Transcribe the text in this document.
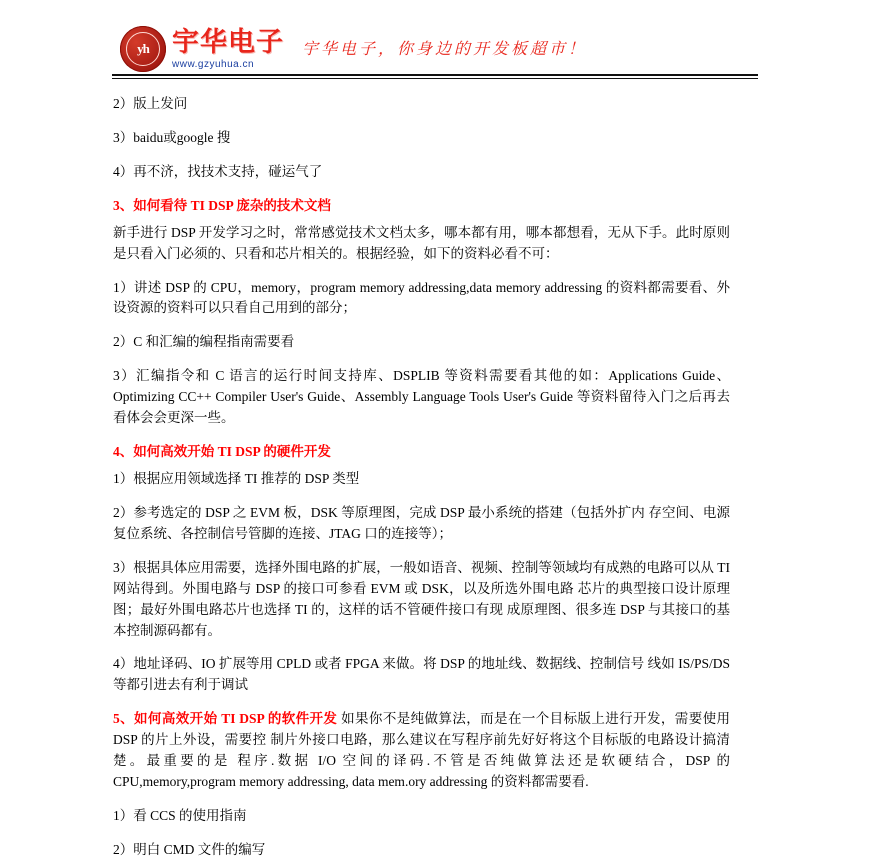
yh 宇华电子
www.gzyuhua.cn
宇华电子，你身边的开发板超市！

2）版上发问

3）baidu或google 搜

4）再不济，找技术支持，碰运气了

3、如何看待 TI DSP 庞杂的技术文档

新手进行 DSP 开发学习之时，常常感觉技术文档太多，哪本都有用，哪本都想看，无从下手。此时原则是只看入门必须的、只看和芯片相关的。根据经验，如下的资料必看不可：

1）讲述 DSP 的 CPU，memory，program memory addressing,data memory addressing 的资料都需要看、外设资源的资料可以只看自己用到的部分；

2）C 和汇编的编程指南需要看

3）汇编指令和 C 语言的运行时间支持库、DSPLIB 等资料需要看其他的如：Applications Guide、Optimizing CC++ Compiler User's Guide、Assembly Language Tools User's Guide 等资料留待入门之后再去看体会会更深一些。

4、如何高效开始 TI DSP 的硬件开发

1）根据应用领域选择 TI 推荐的 DSP 类型

2）参考选定的 DSP 之 EVM 板，DSK 等原理图，完成 DSP 最小系统的搭建（包括外扩内 存空间、电源复位系统、各控制信号管脚的连接、JTAG 口的连接等）；

3）根据具体应用需要，选择外围电路的扩展，一般如语音、视频、控制等领域均有成熟的电路可以从 TI 网站得到。外围电路与 DSP 的接口可参看 EVM 或 DSK，以及所选外围电路 芯片的典型接口设计原理图；最好外围电路芯片也选择 TI 的，这样的话不管硬件接口有现 成原理图、很多连 DSP 与其接口的基本控制源码都有。

4）地址译码、IO 扩展等用 CPLD 或者 FPGA 来做。将 DSP 的地址线、数据线、控制信号 线如 IS/PS/DS 等都引进去有利于调试

5、如何高效开始 TI DSP 的软件开发 如果你不是纯做算法，而是在一个目标版上进行开发，需要使用 DSP 的片上外设，需要控 制片外接口电路，那么建议在写程序前先好好将这个目标版的电路设计搞清楚。最重要的是 程序.数据 I/O 空间的译码.不管是否纯做算法还是软硬结合，DSP 的 CPU,memory,program memory addressing, data mem.ory addressing 的资料都需要看.

1）看 CCS 的使用指南

2）明白 CMD 文件的编写
